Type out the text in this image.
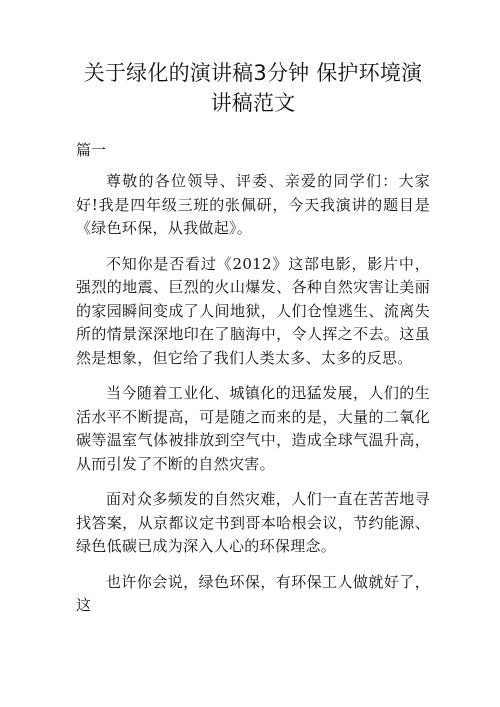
关于绿化的演讲稿3分钟 保护环境演讲稿范文
篇一

尊敬的各位领导、评委、亲爱的同学们：大家好!我是四年级三班的张佩研，今天我演讲的题目是《绿色环保，从我做起》。

不知你是否看过《2012》这部电影，影片中，强烈的地震、巨烈的火山爆发、各种自然灾害让美丽的家园瞬间变成了人间地狱，人们仓惶逃生、流离失所的情景深深地印在了脑海中，令人挥之不去。这虽然是想象，但它给了我们人类太多、太多的反思。

当今随着工业化、城镇化的迅猛发展，人们的生活水平不断提高，可是随之而来的是，大量的二氧化碳等温室气体被排放到空气中，造成全球气温升高，从而引发了不断的自然灾害。

面对众多频发的自然灾难，人们一直在苦苦地寻找答案，从京都议定书到哥本哈根会议，节约能源、绿色低碳已成为深入人心的环保理念。

也许你会说，绿色环保，有环保工人做就好了，这
